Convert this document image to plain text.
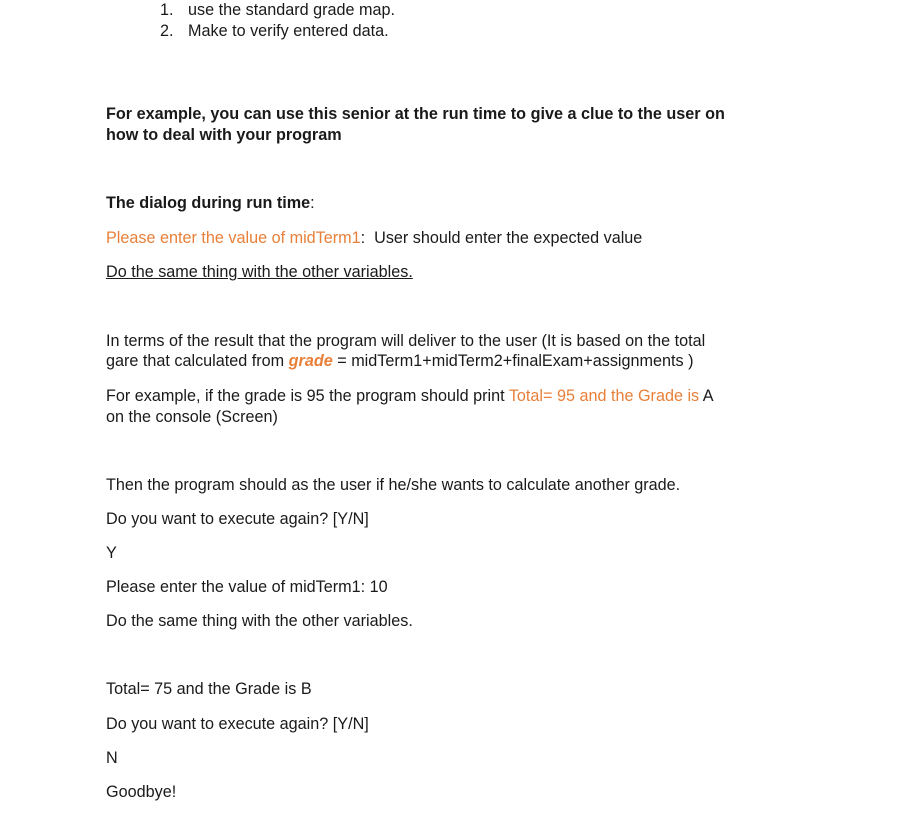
1. use the standard grade map.
2. Make to verify entered data.
For example, you can use this senior at the run time to give a clue to the user on
how to deal with your program
The dialog during run time:
Please enter the value of midTerm1:  User should enter the expected value
Do the same thing with the other variables.
In terms of the result that the program will deliver to the user (It is based on the total
gare that calculated from grade = midTerm1+midTerm2+finalExam+assignments )
For example, if the grade is 95 the program should print Total= 95 and the Grade is A
on the console (Screen)
Then the program should as the user if he/she wants to calculate another grade.
Do you want to execute again? [Y/N]
Y
Please enter the value of midTerm1: 10
Do the same thing with the other variables.
Total= 75 and the Grade is B
Do you want to execute again? [Y/N]
N
Goodbye!
